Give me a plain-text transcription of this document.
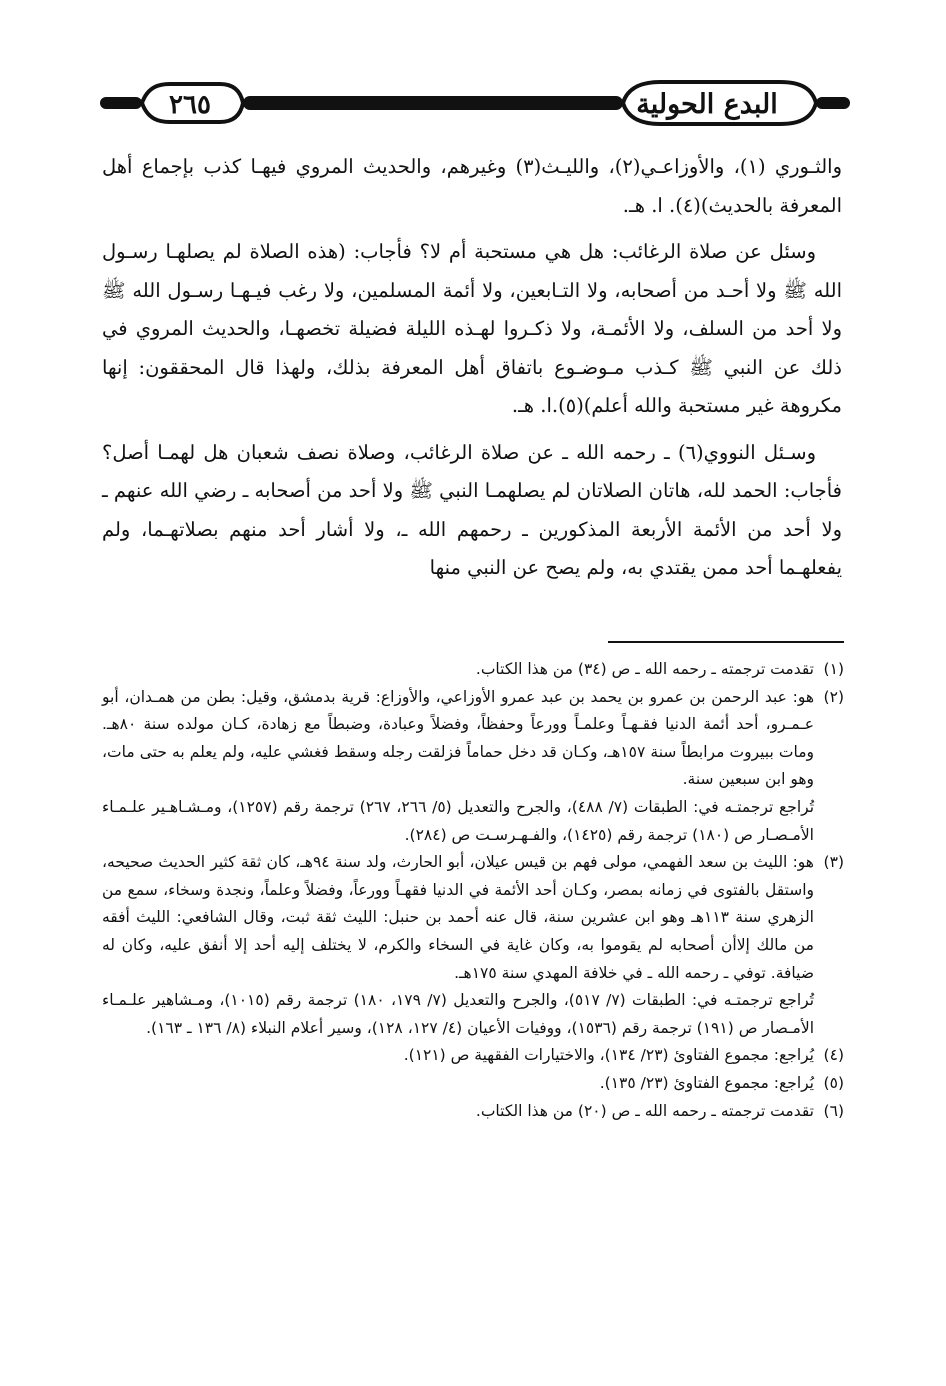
٢٦٥	البدع الحولية

والثـوري (١)، والأوزاعـي(٢)، والليـث(٣) وغيرهم، والحديث المروي فيهـا كذب بإجماع أهل المعرفة بالحديث)(٤). ا. هـ.

وسئل عن صلاة الرغائب: هل هي مستحبة أم لا؟ فأجاب: (هذه الصلاة لم يصلهـا رسـول الله ﷺ ولا أحـد من أصحابه، ولا التـابعين، ولا أئمة المسلمين، ولا رغب فيـهـا رسـول الله ﷺ ولا أحد من السلف، ولا الأئمـة، ولا ذكـروا لهـذه الليلة فضيلة تخصهـا، والحديث المروي في ذلك عن النبي ﷺ كـذب مـوضـوع باتفاق أهل المعرفة بذلك، ولهذا قال المحققون: إنها مكروهة غير مستحبة والله أعلم)(٥).ا. هـ.

وسـئل النووي(٦) ـ رحمه الله ـ عن صلاة الرغائب، وصلاة نصف شعبان هل لهمـا أصل؟ فأجاب: الحمد لله، هاتان الصلاتان لم يصلهمـا النبي ﷺ ولا أحد من أصحابه ـ رضي الله عنهم ـ ولا أحد من الأئمة الأربعة المذكورين ـ رحمهم الله ـ، ولا أشار أحد منهم بصلاتهـما، ولم يفعلهـما أحد ممن يقتدي به، ولم يصح عن النبي منها

(١)

تقدمت ترجمته ـ رحمه الله ـ ص (٣٤) من هذا الكتاب.

(٢)

هو: عبد الرحمن بن عمرو بن يحمد بن عبد عمرو الأوزاعي، والأوزاع: قرية بدمشق، وقيل: بطن من همـدان، أبو عـمـرو، أحد أئمة الدنيا فقـهـاً وعلمـاً وورعاً وحفظاً، وفضلاً وعبادة، وضبطاً مع زهادة، كـان مولده سنة ٨٠هـ. ومات ببيروت مرابطاً سنة ١٥٧هـ، وكـان قد دخل حماماً فزلقت رجله وسقط فغشي عليه، ولم يعلم به حتى مات، وهو ابن سبعين سنة.

تُراجع ترجمتـه في: الطبقات (٧/ ٤٨٨)، والجرح والتعديل (٥/ ٢٦٦، ٢٦٧) ترجمة رقم (١٢٥٧)، ومـشـاهـير علـمـاء الأمـصـار ص (١٨٠) ترجمة رقم (١٤٢٥)، والفـهـرسـت ص (٢٨٤).

(٣)

هو: الليث بن سعد الفهمي، مولى فهم بن قيس عيلان، أبو الحارث، ولد سنة ٩٤هـ، كان ثقة كثير الحديث صحيحه، واستقل بالفتوى في زمانه بمصر، وكـان أحد الأئمة في الدنيا فقهـاً وورعاً، وفضلاً وعلماً، ونجدة وسخاء، سمع من الزهري سنة ١١٣هـ وهو ابن عشرين سنة، قال عنه أحمد بن حنبل: الليث ثقة ثبت، وقال الشافعي: الليث أفقه من مالك إلاأن أصحابه لم يقوموا به، وكان غاية في السخاء والكرم، لا يختلف إليه أحد إلا أنفق عليه، وكان له ضيافة. توفي ـ رحمه الله ـ في خلافة المهدي سنة ١٧٥هـ.

تُراجع ترجمتـه في: الطبقات (٧/ ٥١٧)، والجرح والتعديل (٧/ ١٧٩، ١٨٠) ترجمة رقم (١٠١٥)، ومـشاهير علـمـاء الأمـصار ص (١٩١) ترجمة رقم (١٥٣٦)، ووفيات الأعيان (٤/ ١٢٧، ١٢٨)، وسير أعلام النبلاء (٨/ ١٣٦ ـ ١٦٣).

(٤)

يُراجع: مجموع الفتاوئ (٢٣/ ١٣٤)، والاختيارات الفقهية ص (١٢١).

(٥)

يُراجع: مجموع الفتاوئ (٢٣/ ١٣٥).

(٦)

تقدمت ترجمته ـ رحمه الله ـ ص (٢٠) من هذا الكتاب.
